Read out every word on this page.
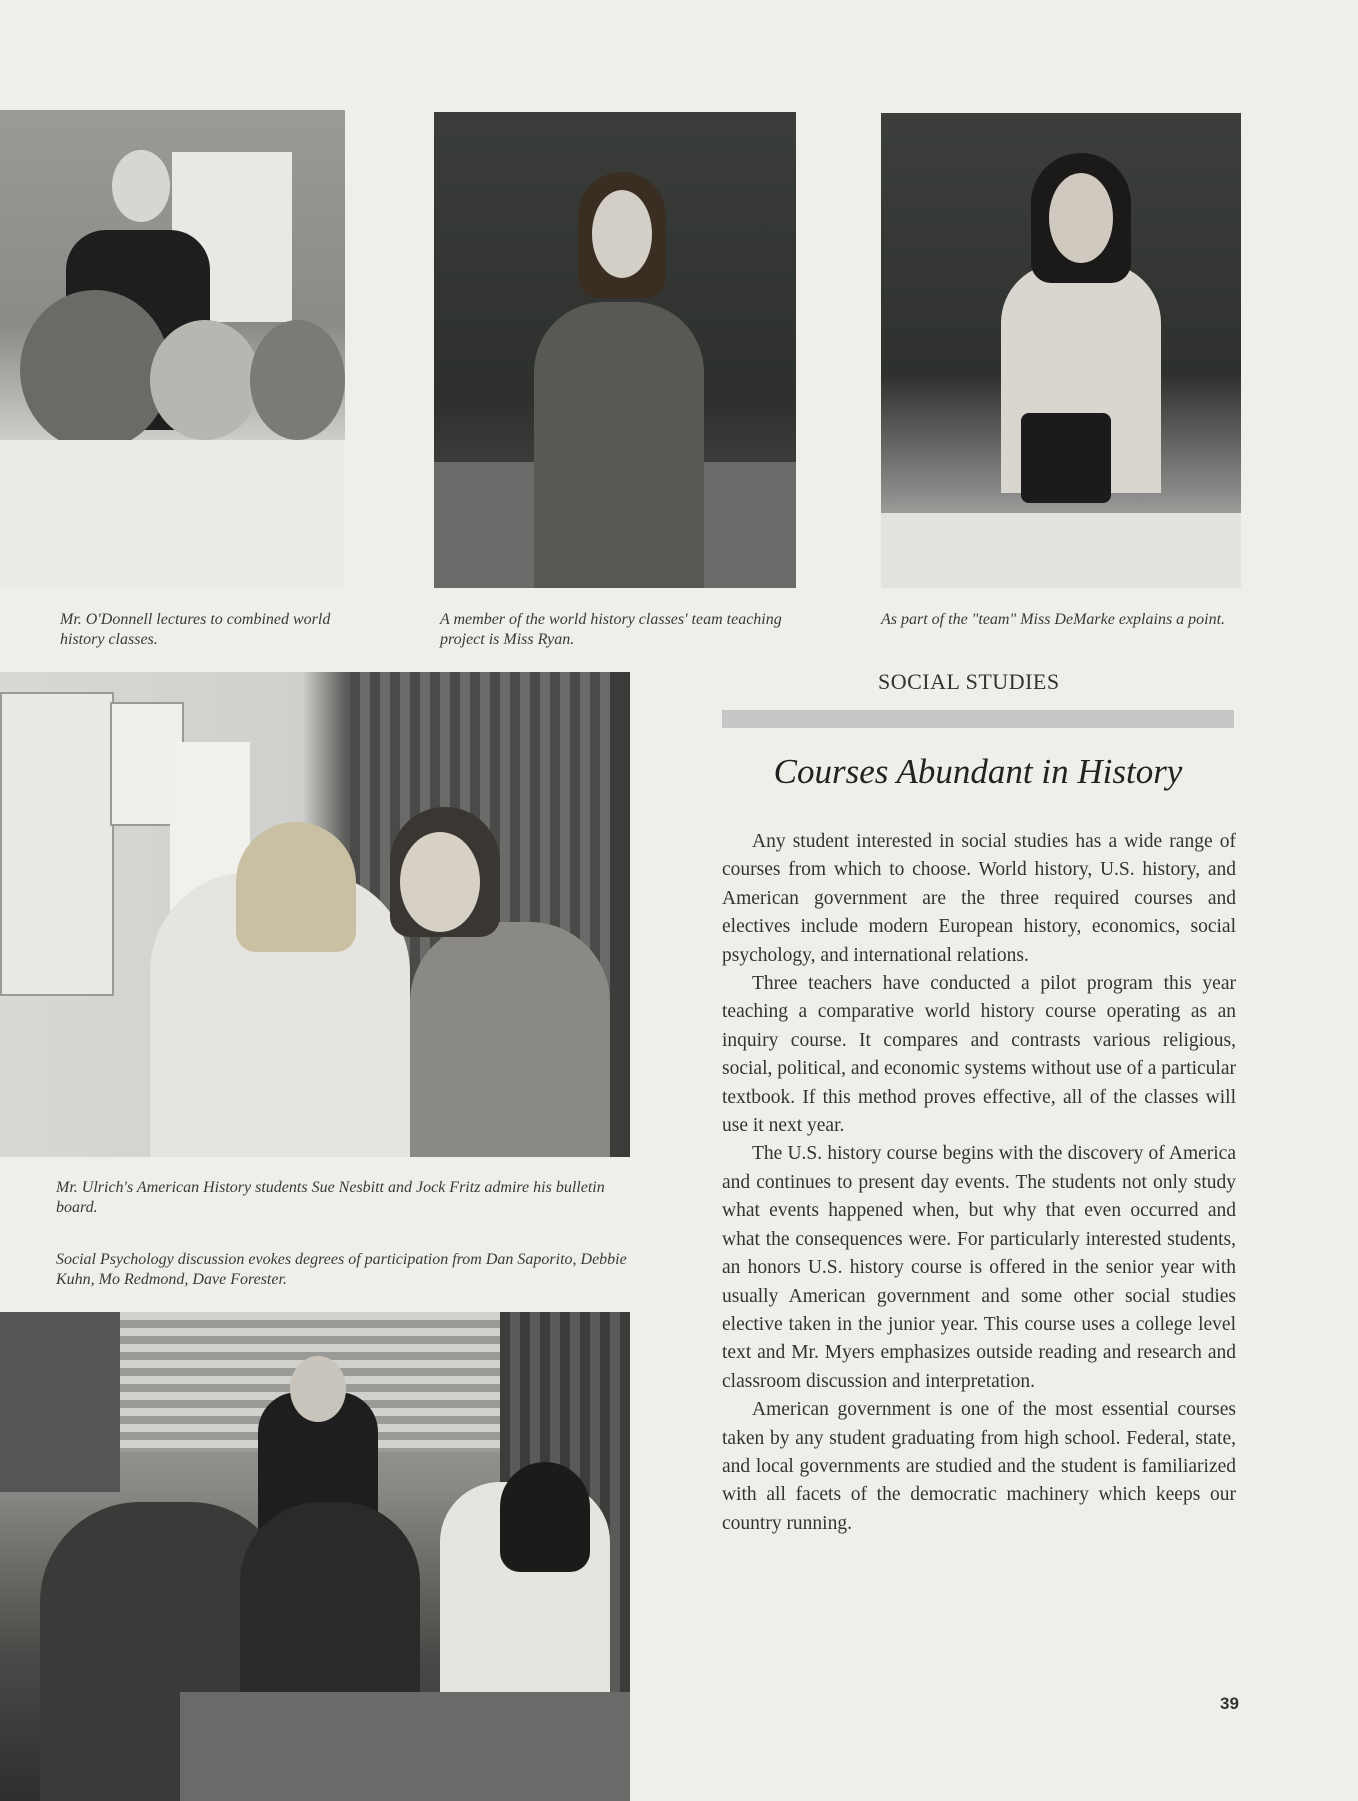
Mr. O'Donnell lectures to combined world history classes.
A member of the world history classes' team teaching project is Miss Ryan.
As part of the "team" Miss DeMarke explains a point.
Mr. Ulrich's American History students Sue Nesbitt and Jock Fritz admire his bulletin board.
Social Psychology discussion evokes degrees of participation from Dan Saporito, Debbie Kuhn, Mo Redmond, Dave Forester.
SOCIAL STUDIES
Courses Abundant in History

Any student interested in social studies has a wide range of courses from which to choose. World history, U.S. history, and American government are the three required courses and electives include modern European history, economics, social psychology, and international relations.

Three teachers have conducted a pilot program this year teaching a comparative world history course operating as an inquiry course. It compares and contrasts various religious, social, political, and economic systems without use of a particular textbook. If this method proves effective, all of the classes will use it next year.

The U.S. history course begins with the discovery of America and continues to present day events. The students not only study what events happened when, but why that even occurred and what the consequences were. For particularly interested students, an honors U.S. history course is offered in the senior year with usually American government and some other social studies elective taken in the junior year. This course uses a college level text and Mr. Myers emphasizes outside reading and research and classroom discussion and interpretation.

American government is one of the most essential courses taken by any student graduating from high school. Federal, state, and local governments are studied and the student is familiarized with all facets of the democratic machinery which keeps our country running.

39
